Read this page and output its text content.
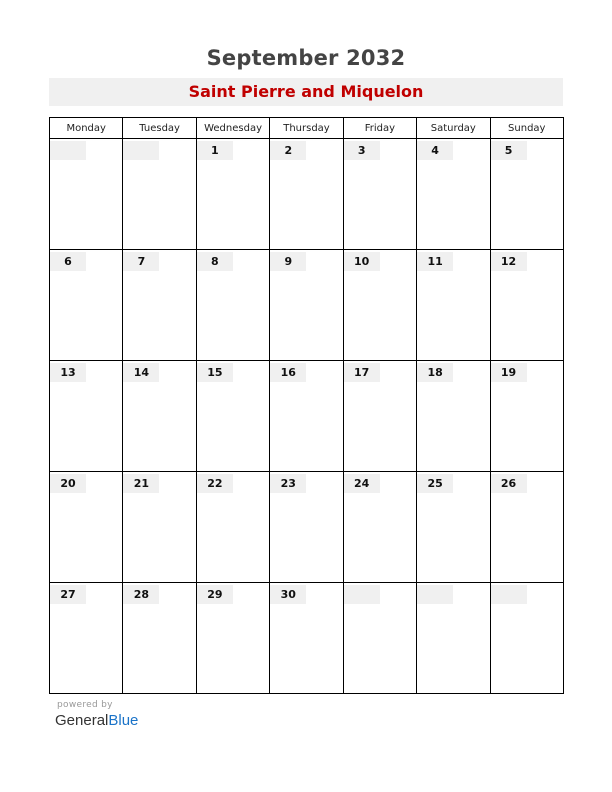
September 2032
Saint Pierre and Miquelon
Monday	Tuesday	Wednesday	Thursday	Friday	Saturday	Sunday

		1	2	3	4	5

6	7	8	9	10	11	12

13	14	15	16	17	18	19

20	21	22	23	24	25	26

27	28	29	30			

powered by
GeneralBlue
